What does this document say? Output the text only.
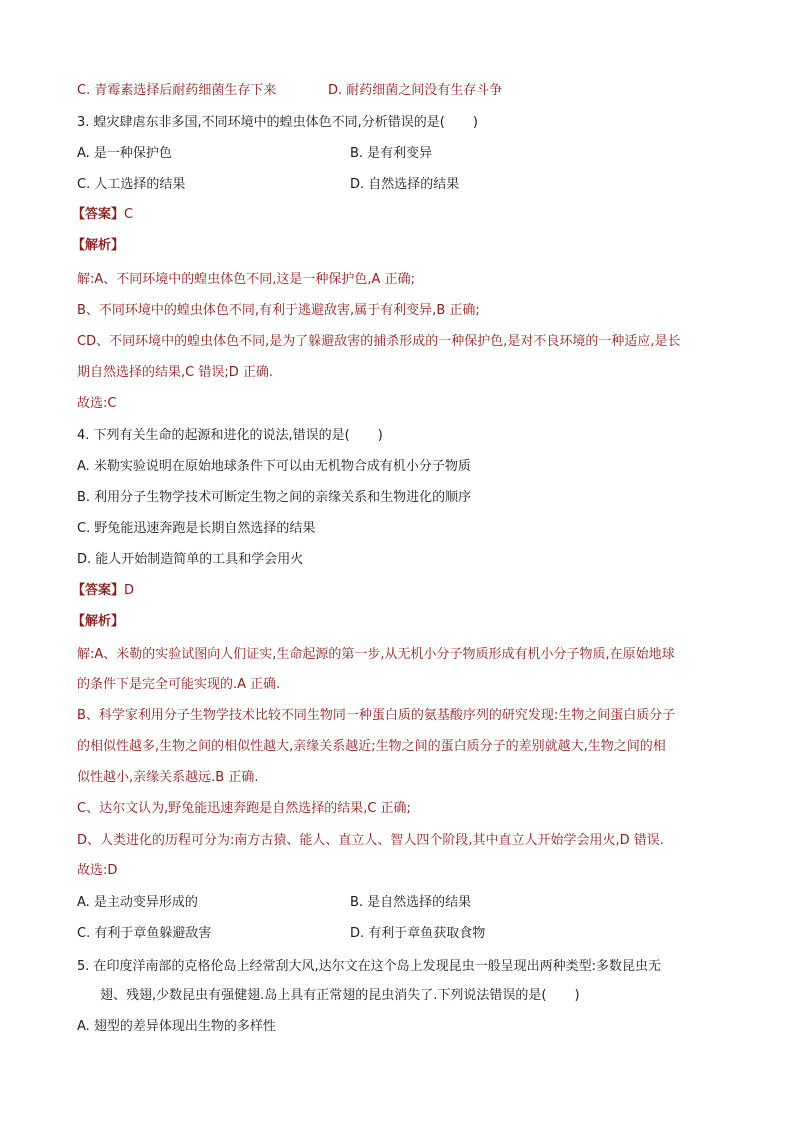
C. 青霉素选择后耐药细菌生存下来	D. 耐药细菌之间没有生存斗争
3. 蝗灾肆虐东非多国,不同环境中的蝗虫体色不同,分析错误的是( )
A. 是一种保护色	B. 是有利变异
C. 人工选择的结果	D. 自然选择的结果
【答案】C
【解析】
解:A、不同环境中的蝗虫体色不同,这是一种保护色,A 正确;
B、不同环境中的蝗虫体色不同,有利于逃避敌害,属于有利变异,B 正确;
CD、不同环境中的蝗虫体色不同,是为了躲避敌害的捕杀形成的一种保护色,是对不良环境的一种适应,是长
期自然选择的结果,C 错误;D 正确.
故选:C
4. 下列有关生命的起源和进化的说法,错误的是( )
A. 米勒实验说明在原始地球条件下可以由无机物合成有机小分子物质
B. 利用分子生物学技术可断定生物之间的亲缘关系和生物进化的顺序
C. 野兔能迅速奔跑是长期自然选择的结果
D. 能人开始制造简单的工具和学会用火
【答案】D
【解析】
解:A、米勒的实验试图向人们证实,生命起源的第一步,从无机小分子物质形成有机小分子物质,在原始地球
的条件下是完全可能实现的.A 正确.
B、科学家利用分子生物学技术比较不同生物同一种蛋白质的氨基酸序列的研究发现:生物之间蛋白质分子
的相似性越多,生物之间的相似性越大,亲缘关系越近;生物之间的蛋白质分子的差别就越大,生物之间的相
似性越小,亲缘关系越远.B 正确.
C、达尔文认为,野兔能迅速奔跑是自然选择的结果,C 正确;
D、人类进化的历程可分为:南方古猿、能人、直立人、智人四个阶段,其中直立人开始学会用火,D 错误.
故选:D
A. 是主动变异形成的	B. 是自然选择的结果
C. 有利于章鱼躲避敌害	D. 有利于章鱼获取食物
5. 在印度洋南部的克格伦岛上经常刮大风,达尔文在这个岛上发现昆虫一般呈现出两种类型:多数昆虫无
翅、残翅,少数昆虫有强健翅.岛上具有正常翅的昆虫消失了.下列说法错误的是( )
A. 翅型的差异体现出生物的多样性
